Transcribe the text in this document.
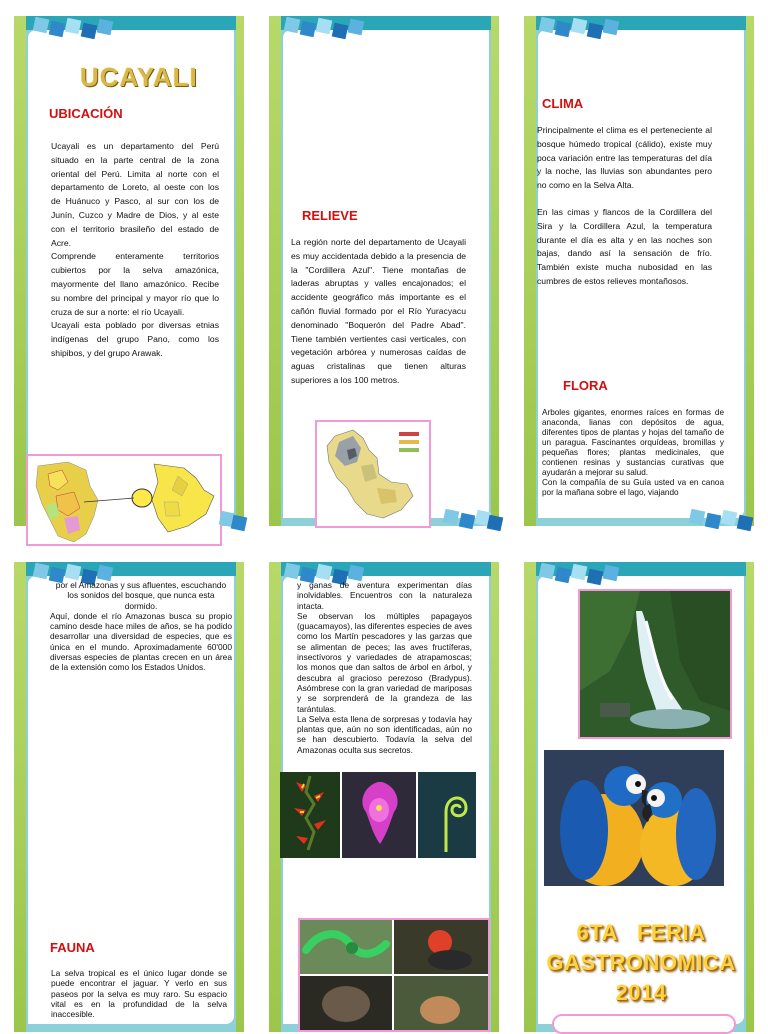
UCAYALI
UBICACIÓN

Ucayali es un departamento del Perú situado en la parte central de la zona oriental del Perú. Limita al norte con el departamento de Loreto, al oeste con los de Huánuco y Pasco, al sur con los de Junín, Cuzco y Madre de Dios, y al este con el territorio brasileño del estado de Acre.

Comprende enteramente territorios cubiertos por la selva amazónica, mayormente del llano amazónico. Recibe su nombre del principal y mayor río que lo cruza de sur a norte: el río Ucayali.

Ucayali esta poblado por diversas etnias indígenas del grupo Pano, como los shipibos, y del grupo Arawak.

RELIEVE

La región norte del departamento de Ucayali es muy accidentada debido a la presencia de la "Cordillera Azul". Tiene montañas de laderas abruptas y valles encajonados; el accidente geográfico más importante es el cañón fluvial formado por el Río Yuracyacu denominado "Boquerón del Padre Abad". Tiene también vertientes casi verticales, con vegetación arbórea y numerosas caídas de aguas cristalinas que tienen alturas superiores a los 100 metros.

CLIMA

Principalmente el clima es el perteneciente al bosque húmedo tropical (cálido), existe muy poca variación entre las temperaturas del día y la noche, las lluvias son abundantes pero no como en la Selva Alta.

En las cimas y flancos de la Cordillera del Sira y la Cordillera Azul, la temperatura durante el día es alta y en las noches son bajas, dando así la sensación de frío. También existe mucha nubosidad en las cumbres de estos relieves montañosos.

FLORA

Arboles gigantes, enormes raíces en formas de anaconda, lianas con depósitos de agua, diferentes tipos de plantas y hojas del tamaño de un paragua. Fascinantes orquídeas, bromillas y pequeñas flores; plantas medicinales, que contienen resinas y sustancias curativas que ayudarán a mejorar su salud.

Con la compañía de su Guía usted va en canoa por la mañana sobre el lago, viajando

por el Amazonas y sus afluentes, escuchando los sonidos del bosque, que nunca esta dormido.

Aquí, donde el río Amazonas busca su propio camino desde hace miles de años, se ha podido desarrollar una diversidad de especies, que es única en el mundo. Aproximadamente 60'000 diversas especies de plantas crecen en un área de la extensión como los Estados Unidos.

FAUNA

La selva tropical es el único lugar donde se puede encontrar el jaguar. Y verlo en sus paseos por la selva es muy raro. Su espacio vital es en la profundidad de la selva inaccesible.

y ganas de aventura experimentan días inolvidables. Encuentros con la naturaleza intacta.

Se observan los múltiples papagayos (guacamayos), las diferentes especies de aves como los Martín pescadores y las garzas que se alimentan de peces; las aves fructíferas, insectívoros y variedades de atrapamoscas; los monos que dan saltos de árbol en árbol, y descubra al gracioso perezoso (Bradypus). Asómbrese con la gran variedad de mariposas y se sorprenderá de la grandeza de las tarántulas.

La Selva esta llena de sorpresas y todavía hay plantas que, aún no son identificadas, aún no se han descubierto. Todavía la selva del Amazonas oculta sus secretos.

6TA   FERIA
GASTRONOMICA
2014
